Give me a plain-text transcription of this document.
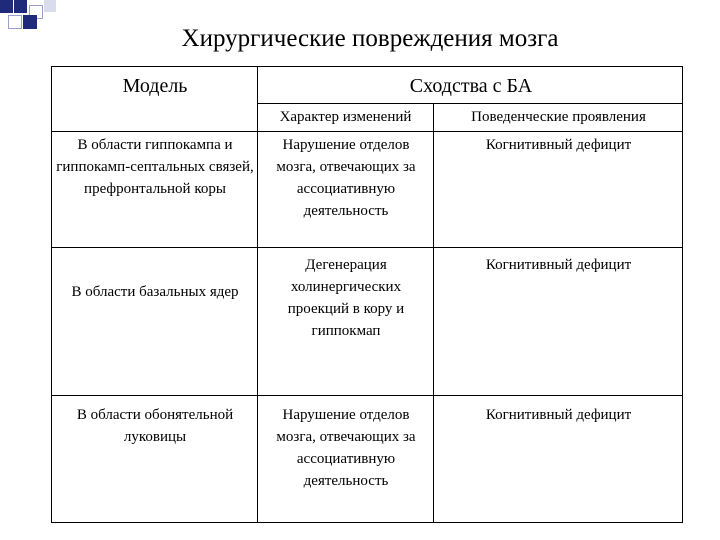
Хирургические повреждения мозга
Модель	Сходства с БА
Характер изменений	Поведенческие проявления
В области гиппокампа и гиппокамп-септальных связей, префронтальной коры
Нарушение отделов мозга, отвечающих за ассоциативную деятельность
Когнитивный дефицит
В области базальных ядер
Дегенерация холинергических проекций в кору и гиппокмап
Когнитивный дефицит
В области обонятельной луковицы
Нарушение отделов мозга, отвечающих за ассоциативную деятельность
Когнитивный дефицит
